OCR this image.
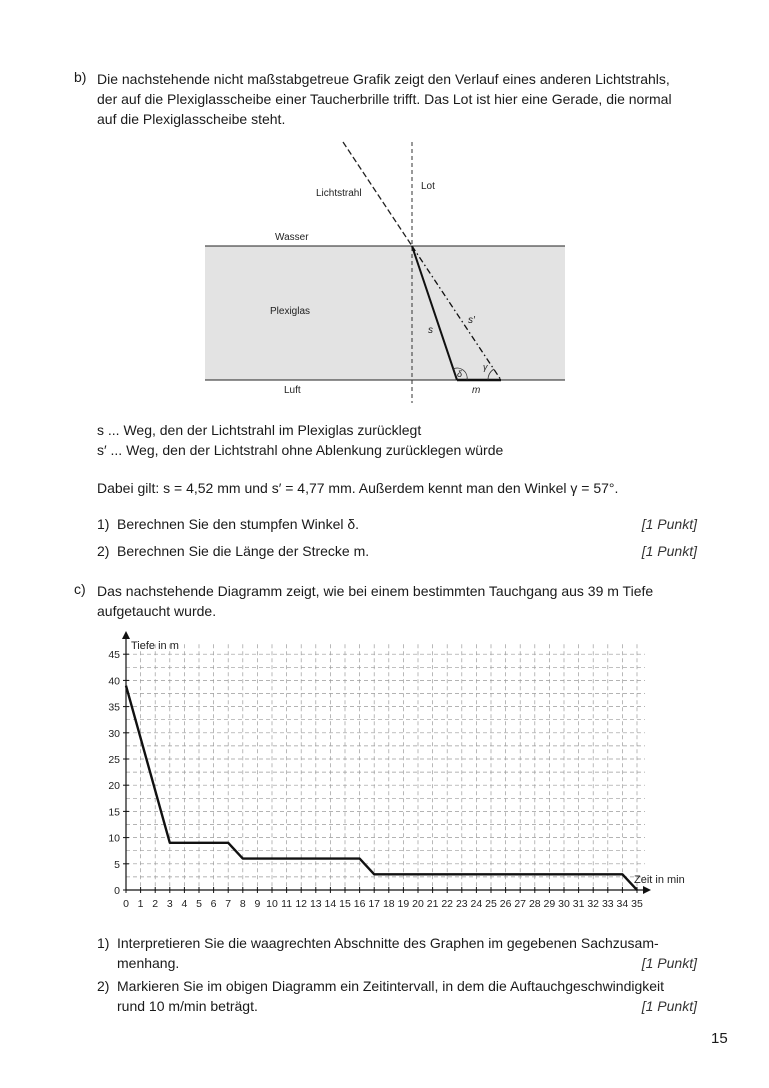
b) Die nachstehende nicht maßstabgetreue Grafik zeigt den Verlauf eines anderen Lichtstrahls,
der auf die Plexiglasscheibe einer Taucherbrille trifft. Das Lot ist hier eine Gerade, die normal
auf die Plexiglasscheibe steht.
Lichtstrahl
Lot
Wasser
Plexiglas
Luft
s
s′
m
δ
γ
s ... Weg, den der Lichtstrahl im Plexiglas zurücklegt
s′ ... Weg, den der Lichtstrahl ohne Ablenkung zurücklegen würde
Dabei gilt: s = 4,52 mm und s′ = 4,77 mm. Außerdem kennt man den Winkel γ = 57°.
1) Berechnen Sie den stumpfen Winkel δ.	[1 Punkt]
2) Berechnen Sie die Länge der Strecke m.	[1 Punkt]
c) Das nachstehende Diagramm zeigt, wie bei einem bestimmten Tauchgang aus 39 m Tiefe
aufgetaucht wurde.
0 1 2 3 4 5 6 7 8 9 10 11 12 13 14 15 16 17 18 19 20 21 22 23 24 25 26 27 28 29 30 31 32 33 34 35
0
5
10
15
20
25
30
35
40
45
Tiefe in m
Zeit in min
1) Interpretieren Sie die waagrechten Abschnitte des Graphen im gegebenen Sachzusam-
menhang.	[1 Punkt]
2) Markieren Sie im obigen Diagramm ein Zeitintervall, in dem die Auftauchgeschwindigkeit
rund 10 m/min beträgt.	[1 Punkt]
15
